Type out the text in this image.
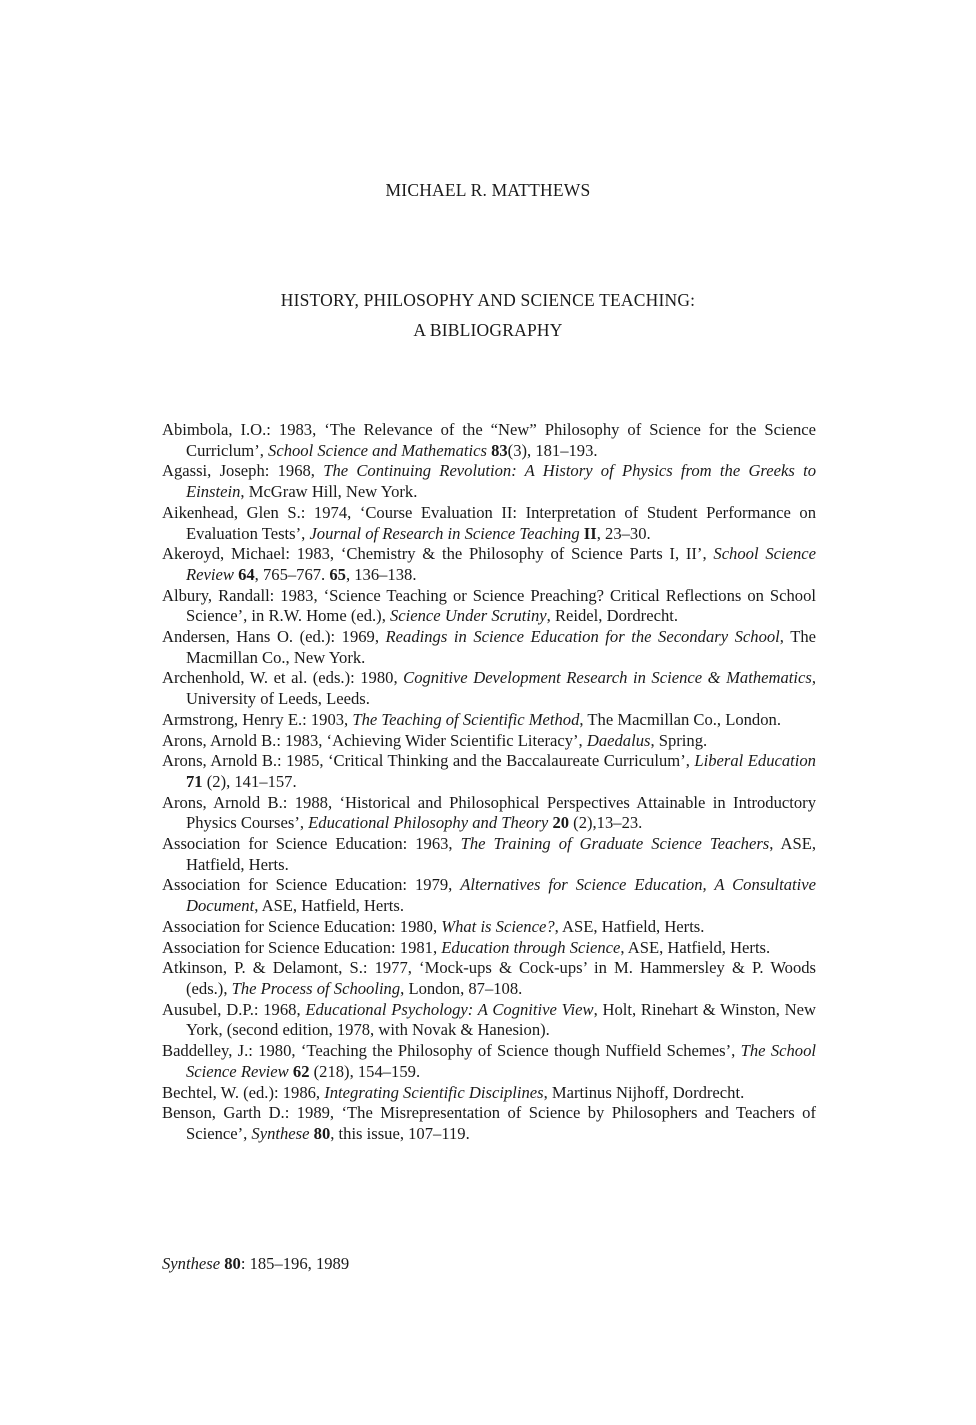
MICHAEL R. MATTHEWS
HISTORY, PHILOSOPHY AND SCIENCE TEACHING:
A BIBLIOGRAPHY
Abimbola, I.O.: 1983, ‘The Relevance of the “New” Philosophy of Science for the Science Curriclum’, School Science and Mathematics 83(3), 181–193.
Agassi, Joseph: 1968, The Continuing Revolution: A History of Physics from the Greeks to Einstein, McGraw Hill, New York.
Aikenhead, Glen S.: 1974, ‘Course Evaluation II: Interpretation of Student Performance on Evaluation Tests’, Journal of Research in Science Teaching II, 23–30.
Akeroyd, Michael: 1983, ‘Chemistry & the Philosophy of Science Parts I, II’, School Science Review 64, 765–767. 65, 136–138.
Albury, Randall: 1983, ‘Science Teaching or Science Preaching? Critical Reflections on School Science’, in R.W. Home (ed.), Science Under Scrutiny, Reidel, Dordrecht.
Andersen, Hans O. (ed.): 1969, Readings in Science Education for the Secondary School, The Macmillan Co., New York.
Archenhold, W. et al. (eds.): 1980, Cognitive Development Research in Science & Mathematics, University of Leeds, Leeds.
Armstrong, Henry E.: 1903, The Teaching of Scientific Method, The Macmillan Co., London.
Arons, Arnold B.: 1983, ‘Achieving Wider Scientific Literacy’, Daedalus, Spring.
Arons, Arnold B.: 1985, ‘Critical Thinking and the Baccalaureate Curriculum’, Liberal Education 71 (2), 141–157.
Arons, Arnold B.: 1988, ‘Historical and Philosophical Perspectives Attainable in Introductory Physics Courses’, Educational Philosophy and Theory 20 (2),13–23.
Association for Science Education: 1963, The Training of Graduate Science Teachers, ASE, Hatfield, Herts.
Association for Science Education: 1979, Alternatives for Science Education, A Consultative Document, ASE, Hatfield, Herts.
Association for Science Education: 1980, What is Science?, ASE, Hatfield, Herts.
Association for Science Education: 1981, Education through Science, ASE, Hatfield, Herts.
Atkinson, P. & Delamont, S.: 1977, ‘Mock-ups & Cock-ups’ in M. Hammersley & P. Woods (eds.), The Process of Schooling, London, 87–108.
Ausubel, D.P.: 1968, Educational Psychology: A Cognitive View, Holt, Rinehart & Winston, New York, (second edition, 1978, with Novak & Hanesion).
Baddelley, J.: 1980, ‘Teaching the Philosophy of Science though Nuffield Schemes’, The School Science Review 62 (218), 154–159.
Bechtel, W. (ed.): 1986, Integrating Scientific Disciplines, Martinus Nijhoff, Dordrecht.
Benson, Garth D.: 1989, ‘The Misrepresentation of Science by Philosophers and Teachers of Science’, Synthese 80, this issue, 107–119.
Synthese 80: 185–196, 1989
